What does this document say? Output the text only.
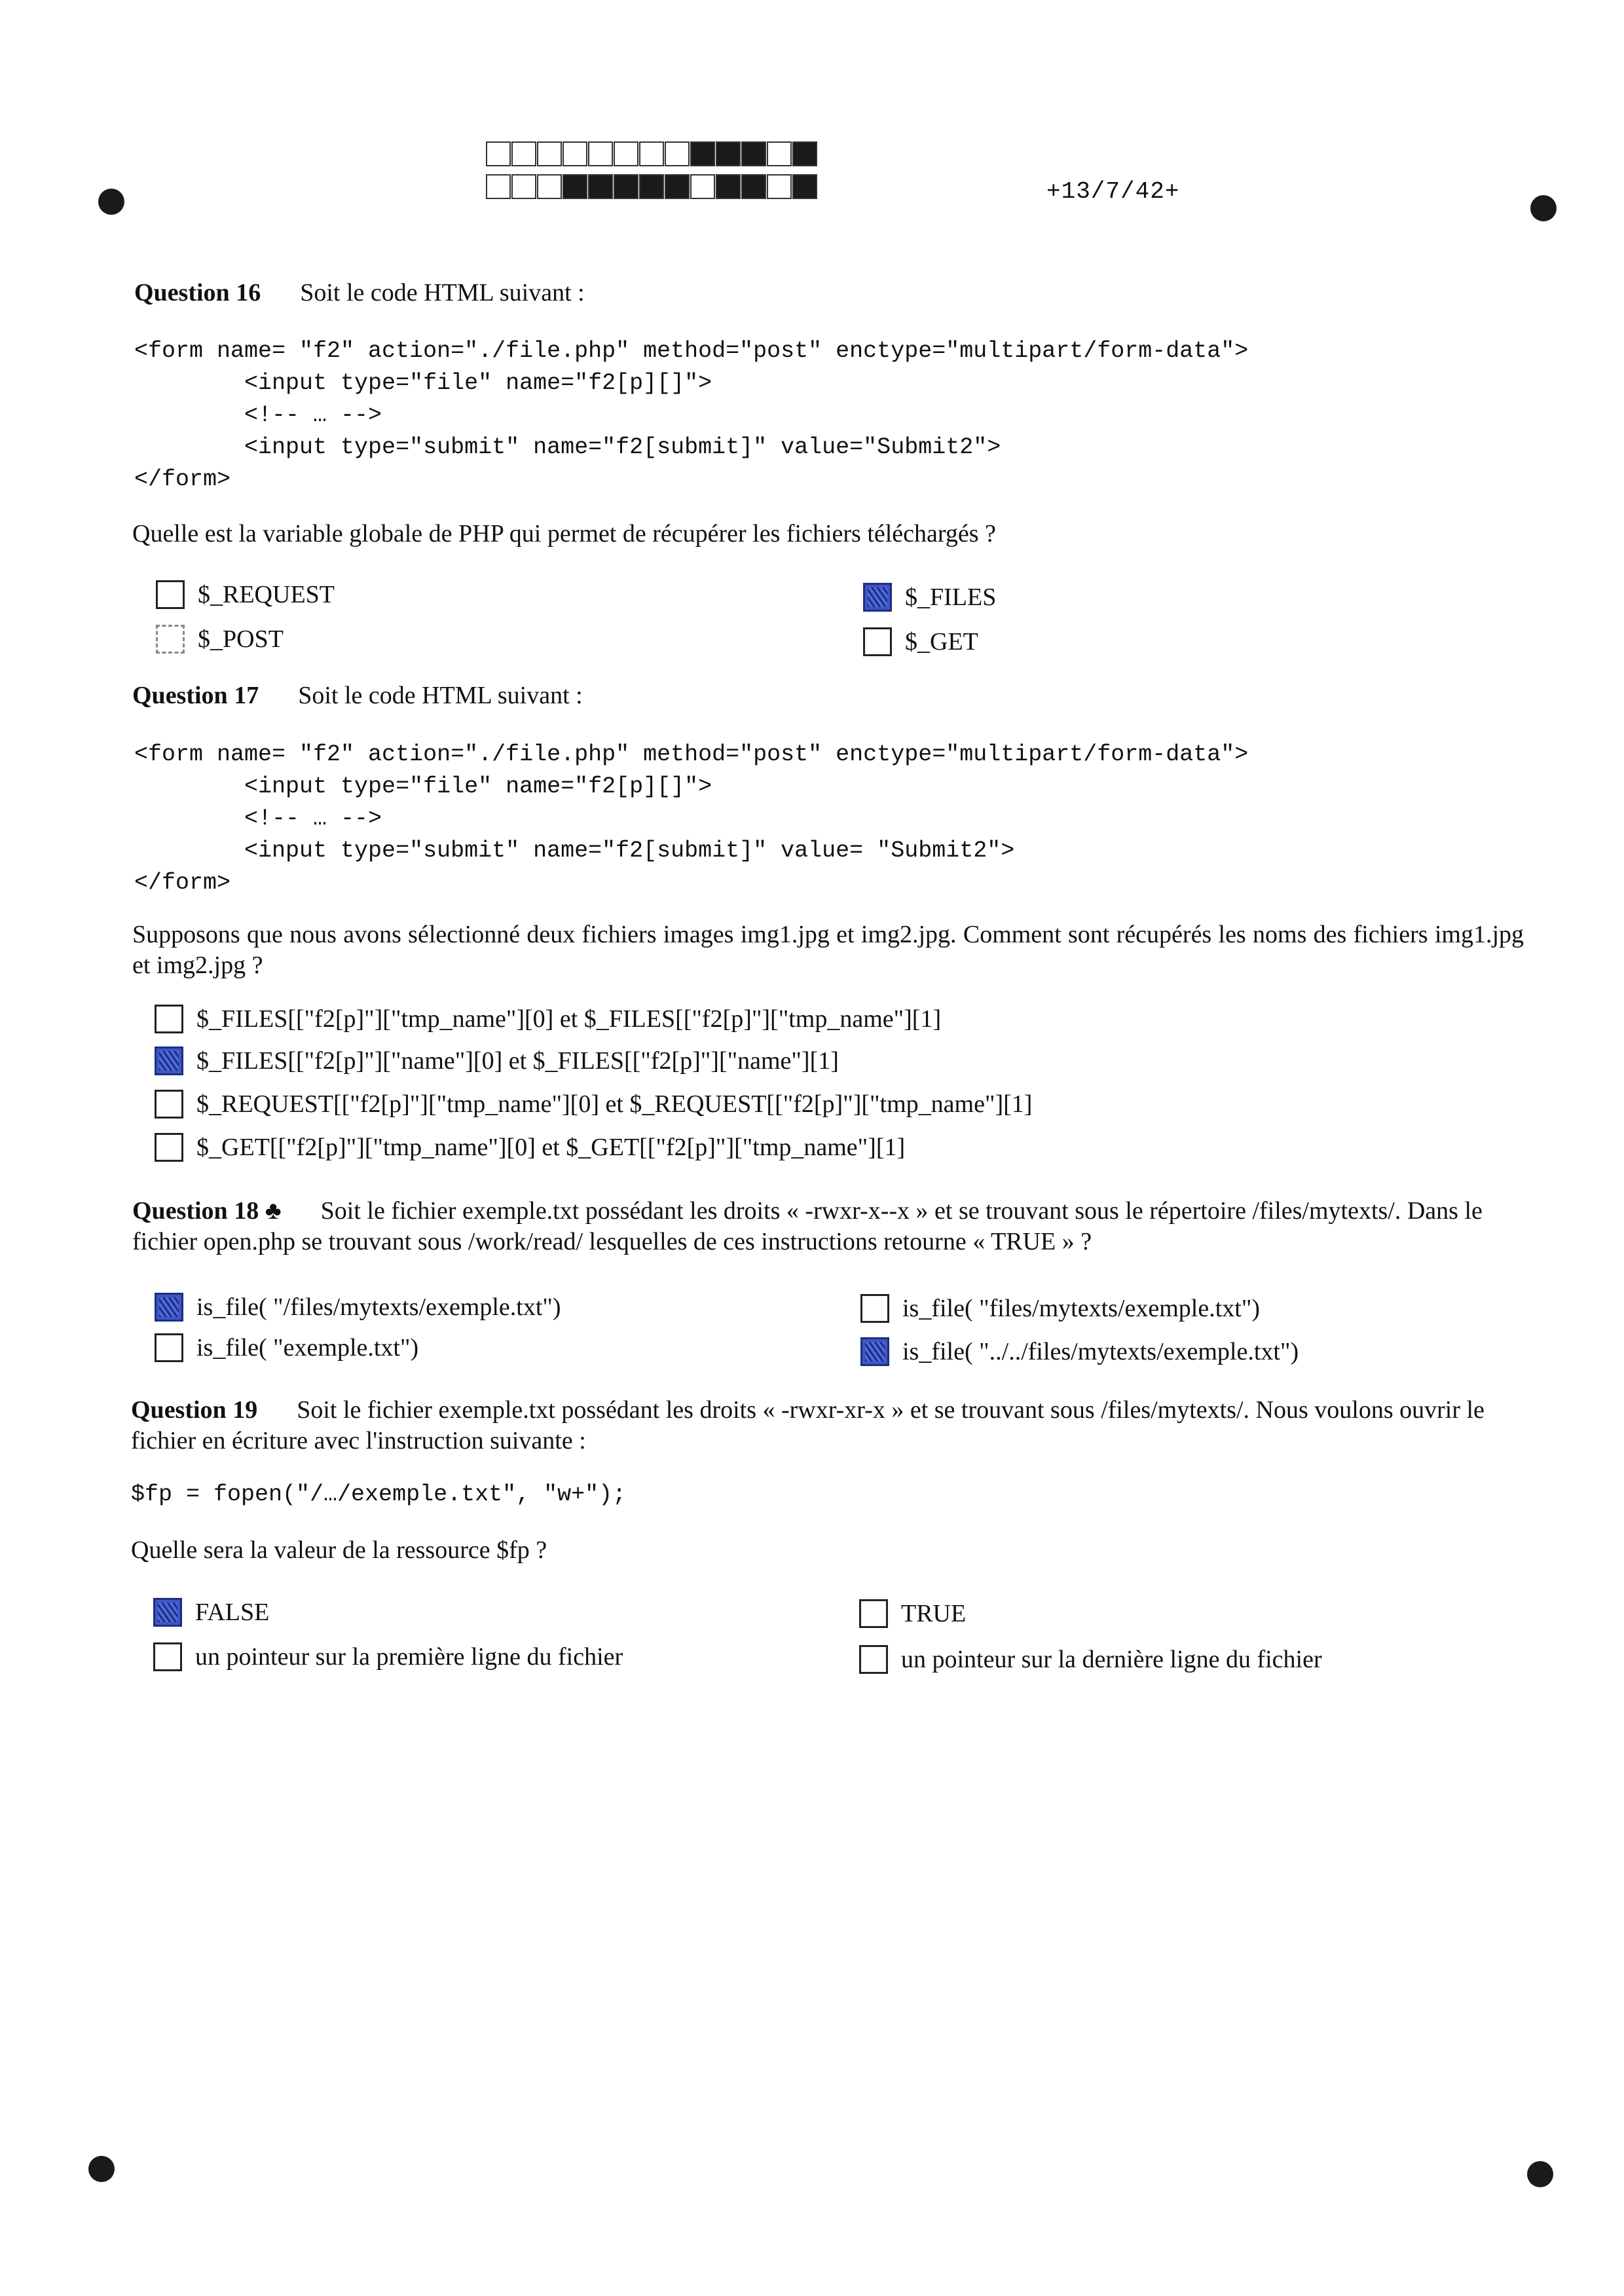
+13/7/42+
Question 16 Soit le code HTML suivant :
<form name= "f2" action="./file.php" method="post" enctype="multipart/form-data">
<input type="file" name="f2[p][]">
<!-- … -->
<input type="submit" name="f2[submit]" value="Submit2">
</form>
Quelle est la variable globale de PHP qui permet de récupérer les fichiers téléchargés ?
$_REQUEST	$_FILES
$_POST	$_GET
Question 17 Soit le code HTML suivant :
<form name= "f2" action="./file.php" method="post" enctype="multipart/form-data">
<input type="file" name="f2[p][]">
<!-- … -->
<input type="submit" name="f2[submit]" value= "Submit2">
</form>
Supposons que nous avons sélectionné deux fichiers images img1.jpg et img2.jpg. Comment sont récupérés les noms des fichiers img1.jpg et img2.jpg ?
$_FILES[["f2[p]"]["tmp_name"][0] et $_FILES[["f2[p]"]["tmp_name"][1]
$_FILES[["f2[p]"]["name"][0] et $_FILES[["f2[p]"]["name"][1]
$_REQUEST[["f2[p]"]["tmp_name"][0] et $_REQUEST[["f2[p]"]["tmp_name"][1]
$_GET[["f2[p]"]["tmp_name"][0] et $_GET[["f2[p]"]["tmp_name"][1]
Question 18 ♣ Soit le fichier exemple.txt possédant les droits « -rwxr-x--x » et se trouvant sous le répertoire /files/mytexts/. Dans le fichier open.php se trouvant sous /work/read/ lesquelles de ces instructions retourne « TRUE » ?
is_file( "/files/mytexts/exemple.txt")	is_file( "files/mytexts/exemple.txt")
is_file( "exemple.txt")	is_file( "../../files/mytexts/exemple.txt")
Question 19 Soit le fichier exemple.txt possédant les droits « -rwxr-xr-x » et se trouvant sous /files/mytexts/. Nous voulons ouvrir le fichier en écriture avec l'instruction suivante :
$fp = fopen("/…/exemple.txt", "w+");
Quelle sera la valeur de la ressource $fp ?
FALSE	TRUE
un pointeur sur la première ligne du fichier	un pointeur sur la dernière ligne du fichier
